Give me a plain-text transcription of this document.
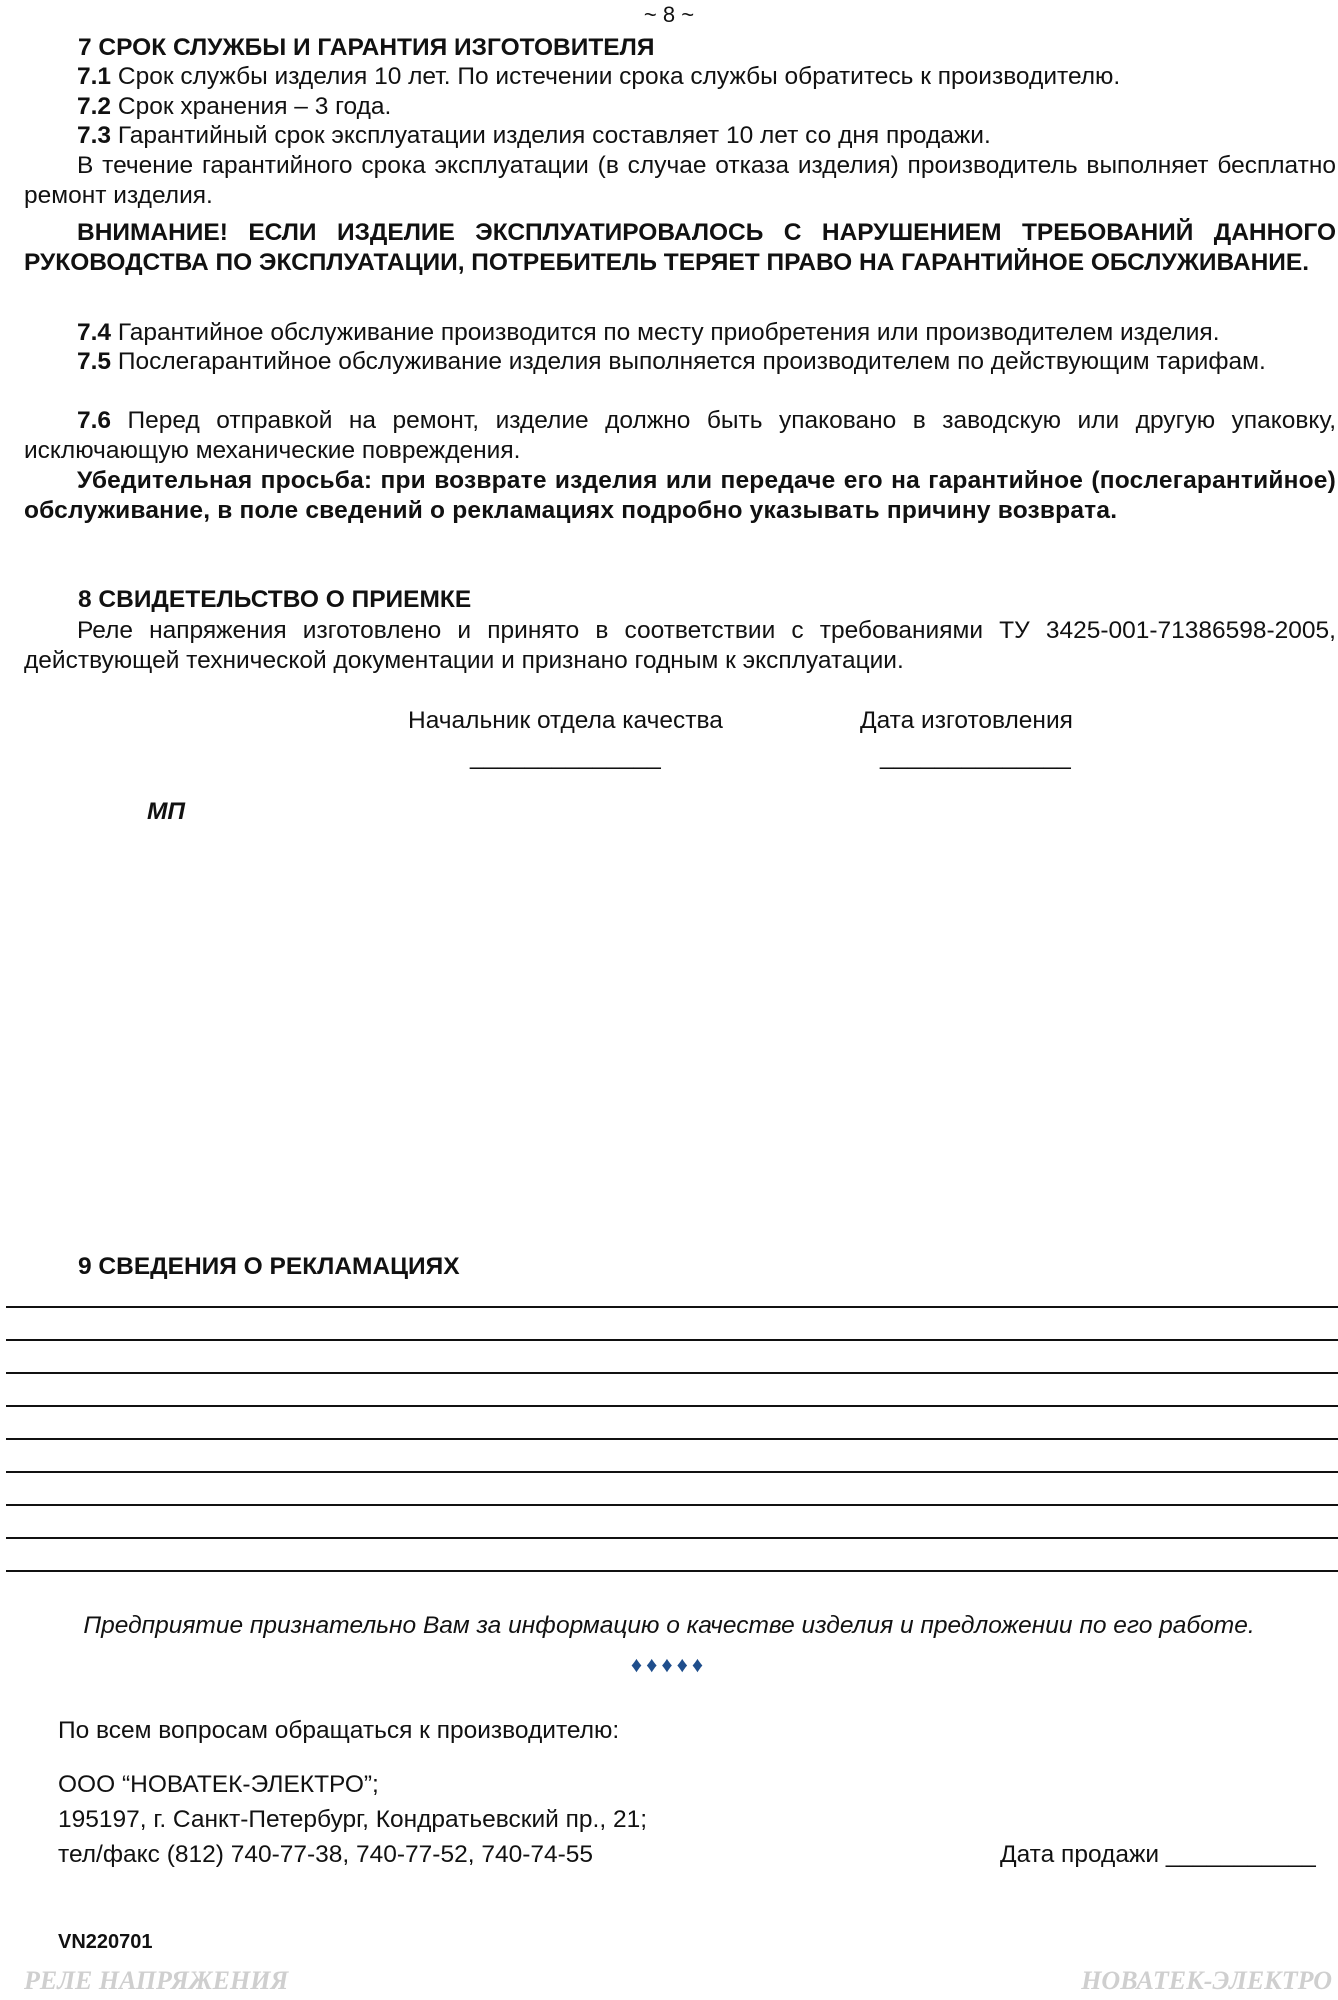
~ 8 ~
7 СРОК СЛУЖБЫ И ГАРАНТИЯ ИЗГОТОВИТЕЛЯ
7.1 Срок службы изделия 10 лет. По истечении срока службы обратитесь к производителю.
7.2 Срок хранения – 3 года.
7.3 Гарантийный срок эксплуатации изделия составляет 10 лет со дня продажи.
В течение гарантийного срока эксплуатации (в случае отказа изделия) производитель выполняет бесплатно ремонт изделия.
ВНИМАНИЕ! ЕСЛИ ИЗДЕЛИЕ ЭКСПЛУАТИРОВАЛОСЬ С НАРУШЕНИЕМ ТРЕБОВАНИЙ ДАННОГО РУКОВОДСТВА ПО ЭКСПЛУАТАЦИИ, ПОТРЕБИТЕЛЬ ТЕРЯЕТ ПРАВО НА ГАРАНТИЙНОЕ ОБСЛУЖИВАНИЕ.
7.4 Гарантийное обслуживание производится по месту приобретения или производителем изделия.
7.5 Послегарантийное обслуживание изделия выполняется производителем по действующим тарифам.
7.6 Перед отправкой на ремонт, изделие должно быть упаковано в заводскую или другую упаковку, исключающую механические повреждения.
Убедительная просьба: при возврате изделия или передаче его на гарантийное (послегарантийное) обслуживание, в поле сведений о рекламациях подробно указывать причину возврата.
8 СВИДЕТЕЛЬСТВО О ПРИЕМКЕ
Реле напряжения изготовлено и принято в соответствии с требованиями ТУ 3425-001-71386598-2005, действующей технической документации и признано годным к эксплуатации.
Начальник отдела качества	Дата изготовления
______________	______________
МП
9 СВЕДЕНИЯ О РЕКЛАМАЦИЯХ
Предприятие признательно Вам за информацию о качестве изделия и предложении по его работе.
♦♦♦♦♦
По всем вопросам обращаться к производителю:
ООО “НОВАТЕК-ЭЛЕКТРО”;
195197, г. Санкт-Петербург, Кондратьевский пр., 21;
тел/факс (812) 740-77-38, 740-77-52, 740-74-55	Дата продажи ___________
VN220701
РЕЛЕ НАПРЯЖЕНИЯ	НОВАТЕК-ЭЛЕКТРО
